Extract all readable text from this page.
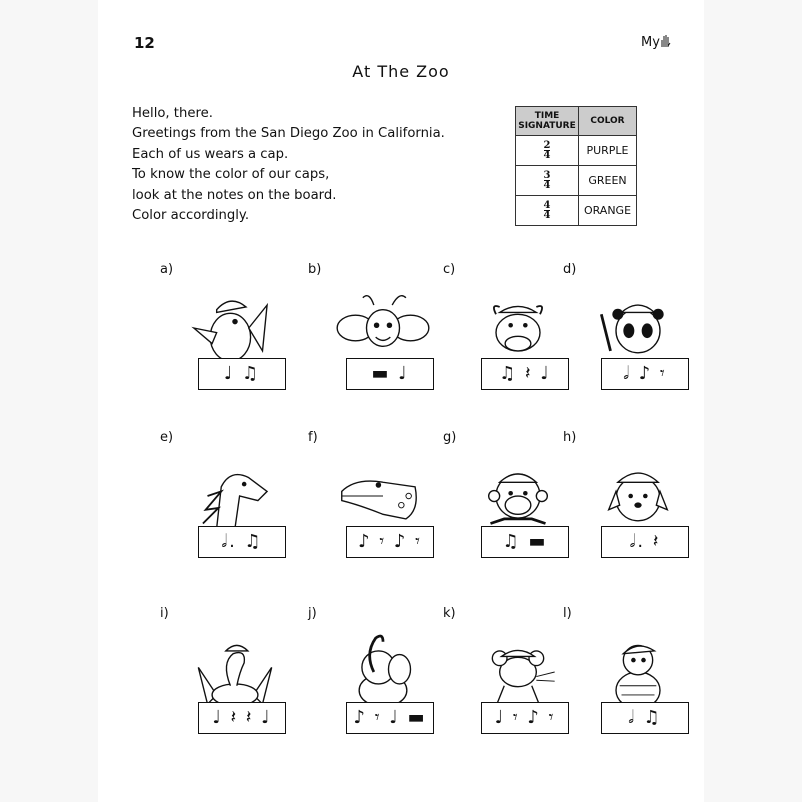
12	My
At The Zoo
Hello, there.
Greetings from the San Diego Zoo in California.
Each of us wears a cap.
To know the color of our caps,
look at the notes on the board.
Color accordingly.
TIME
SIGNATURE	COLOR

$\frac{2}{4}$	PURPLE

$\frac{3}{4}$	GREEN

$\frac{4}{4}$	ORANGE
a)
♩ ♫
b)
▬ ♩
c)
♫ 𝄽 ♩
d)
𝅗𝅥 ♪ 𝄾
e)
𝅗𝅥. ♫
f)
♪ 𝄾 ♪ 𝄾
g)
♫ ▬
h)
𝅗𝅥. 𝄽
i)
♩ 𝄽 𝄽 ♩
j)
♪ 𝄾 ♩ ▬
k)
♩ 𝄾 ♪ 𝄾
l)
𝅗𝅥 ♫
